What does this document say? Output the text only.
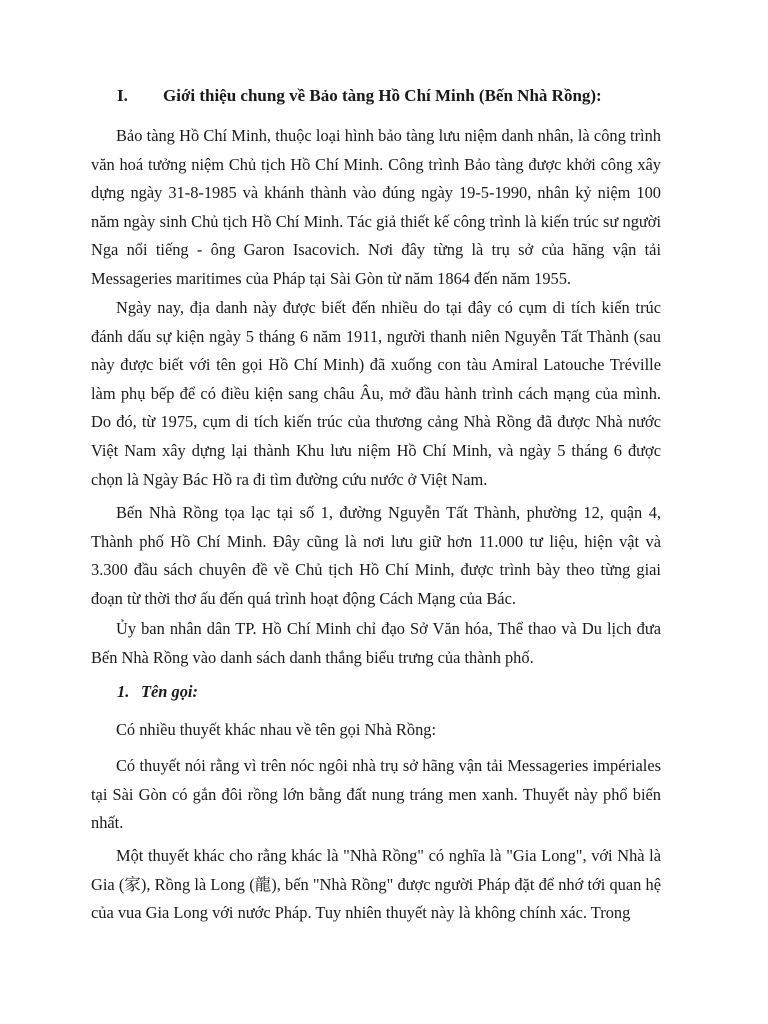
I. Giới thiệu chung về Bảo tàng Hồ Chí Minh (Bến Nhà Rồng):

Bảo tàng Hồ Chí Minh, thuộc loại hình bảo tàng lưu niệm danh nhân, là công trình văn hoá tưởng niệm Chủ tịch Hồ Chí Minh. Công trình Bảo tàng được khởi công xây dựng ngày 31-8-1985 và khánh thành vào đúng ngày 19-5-1990, nhân kỷ niệm 100 năm ngày sinh Chủ tịch Hồ Chí Minh. Tác giả thiết kế công trình là kiến trúc sư người Nga nổi tiếng - ông Garon Isacovich. Nơi đây từng là trụ sở của hãng vận tải Messageries maritimes của Pháp tại Sài Gòn từ năm 1864 đến năm 1955.

Ngày nay, địa danh này được biết đến nhiều do tại đây có cụm di tích kiến trúc đánh dấu sự kiện ngày 5 tháng 6 năm 1911, người thanh niên Nguyễn Tất Thành (sau này được biết với tên gọi Hồ Chí Minh) đã xuống con tàu Amiral Latouche Tréville làm phụ bếp để có điều kiện sang châu Âu, mở đầu hành trình cách mạng của mình. Do đó, từ 1975, cụm di tích kiến trúc của thương cảng Nhà Rồng đã được Nhà nước Việt Nam xây dựng lại thành Khu lưu niệm Hồ Chí Minh, và ngày 5 tháng 6 được chọn là Ngày Bác Hồ ra đi tìm đường cứu nước ở Việt Nam.

Bến Nhà Rồng tọa lạc tại số 1, đường Nguyễn Tất Thành, phường 12, quận 4, Thành phố Hồ Chí Minh. Đây cũng là nơi lưu giữ hơn 11.000 tư liệu, hiện vật và 3.300 đầu sách chuyên đề về Chủ tịch Hồ Chí Minh, được trình bày theo từng giai đoạn từ thời thơ ấu đến quá trình hoạt động Cách Mạng của Bác.

Ủy ban nhân dân TP. Hồ Chí Minh chỉ đạo Sở Văn hóa, Thể thao và Du lịch đưa Bến Nhà Rồng vào danh sách danh thắng biểu trưng của thành phố.

1. Tên gọi:

Có nhiều thuyết khác nhau về tên gọi Nhà Rồng:

Có thuyết nói rằng vì trên nóc ngôi nhà trụ sở hãng vận tải Messageries impériales tại Sài Gòn có gắn đôi rồng lớn bằng đất nung tráng men xanh. Thuyết này phổ biến nhất.

Một thuyết khác cho rằng khác là "Nhà Rồng" có nghĩa là "Gia Long", với Nhà là Gia (家), Rồng là Long (龍), bến "Nhà Rồng" được người Pháp đặt để nhớ tới quan hệ của vua Gia Long với nước Pháp. Tuy nhiên thuyết này là không chính xác. Trong
